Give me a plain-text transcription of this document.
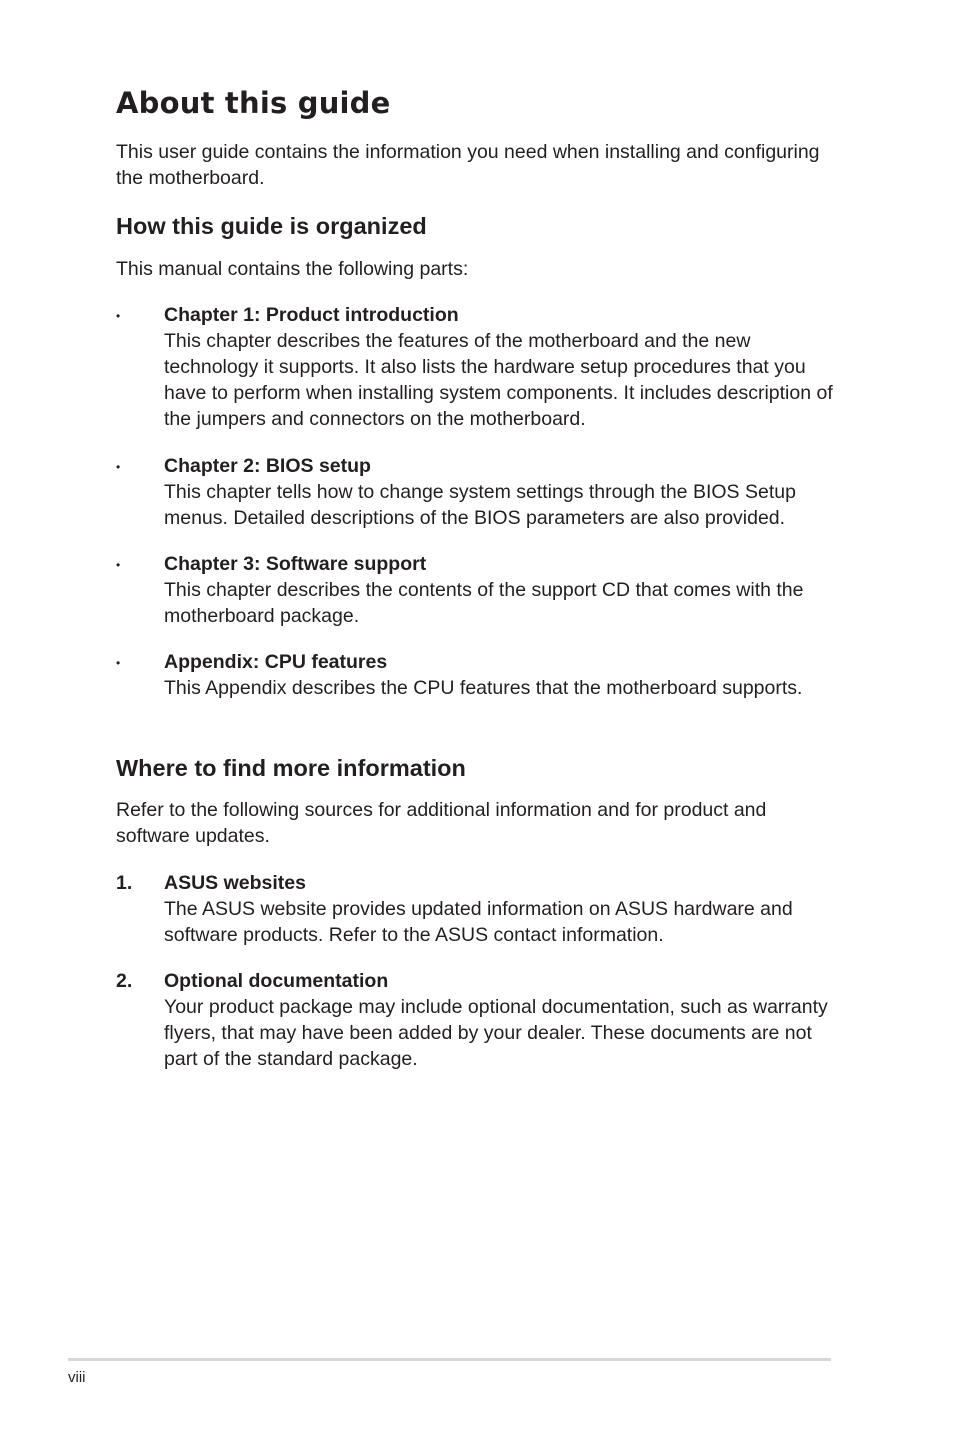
About this guide

This user guide contains the information you need when installing and configuring the motherboard.

How this guide is organized

This manual contains the following parts:

•	Chapter 1: Product introduction
This chapter describes the features of the motherboard and the new technology it supports. It also lists the hardware setup procedures that you have to perform when installing system components. It includes description of the jumpers and connectors on the motherboard.
•	Chapter 2: BIOS setup
This chapter tells how to change system settings through the BIOS Setup menus. Detailed descriptions of the BIOS parameters are also provided.
•	Chapter 3: Software support
This chapter describes the contents of the support CD that comes with the motherboard package.
•	Appendix: CPU features
This Appendix describes the CPU features that the motherboard supports.
Where to find more information

Refer to the following sources for additional information and for product and software updates.

1.	ASUS websites
The ASUS website provides updated information on ASUS hardware and software products. Refer to the ASUS contact information.
2.	Optional documentation
Your product package may include optional documentation, such as warranty flyers, that may have been added by your dealer. These documents are not part of the standard package.
viii
